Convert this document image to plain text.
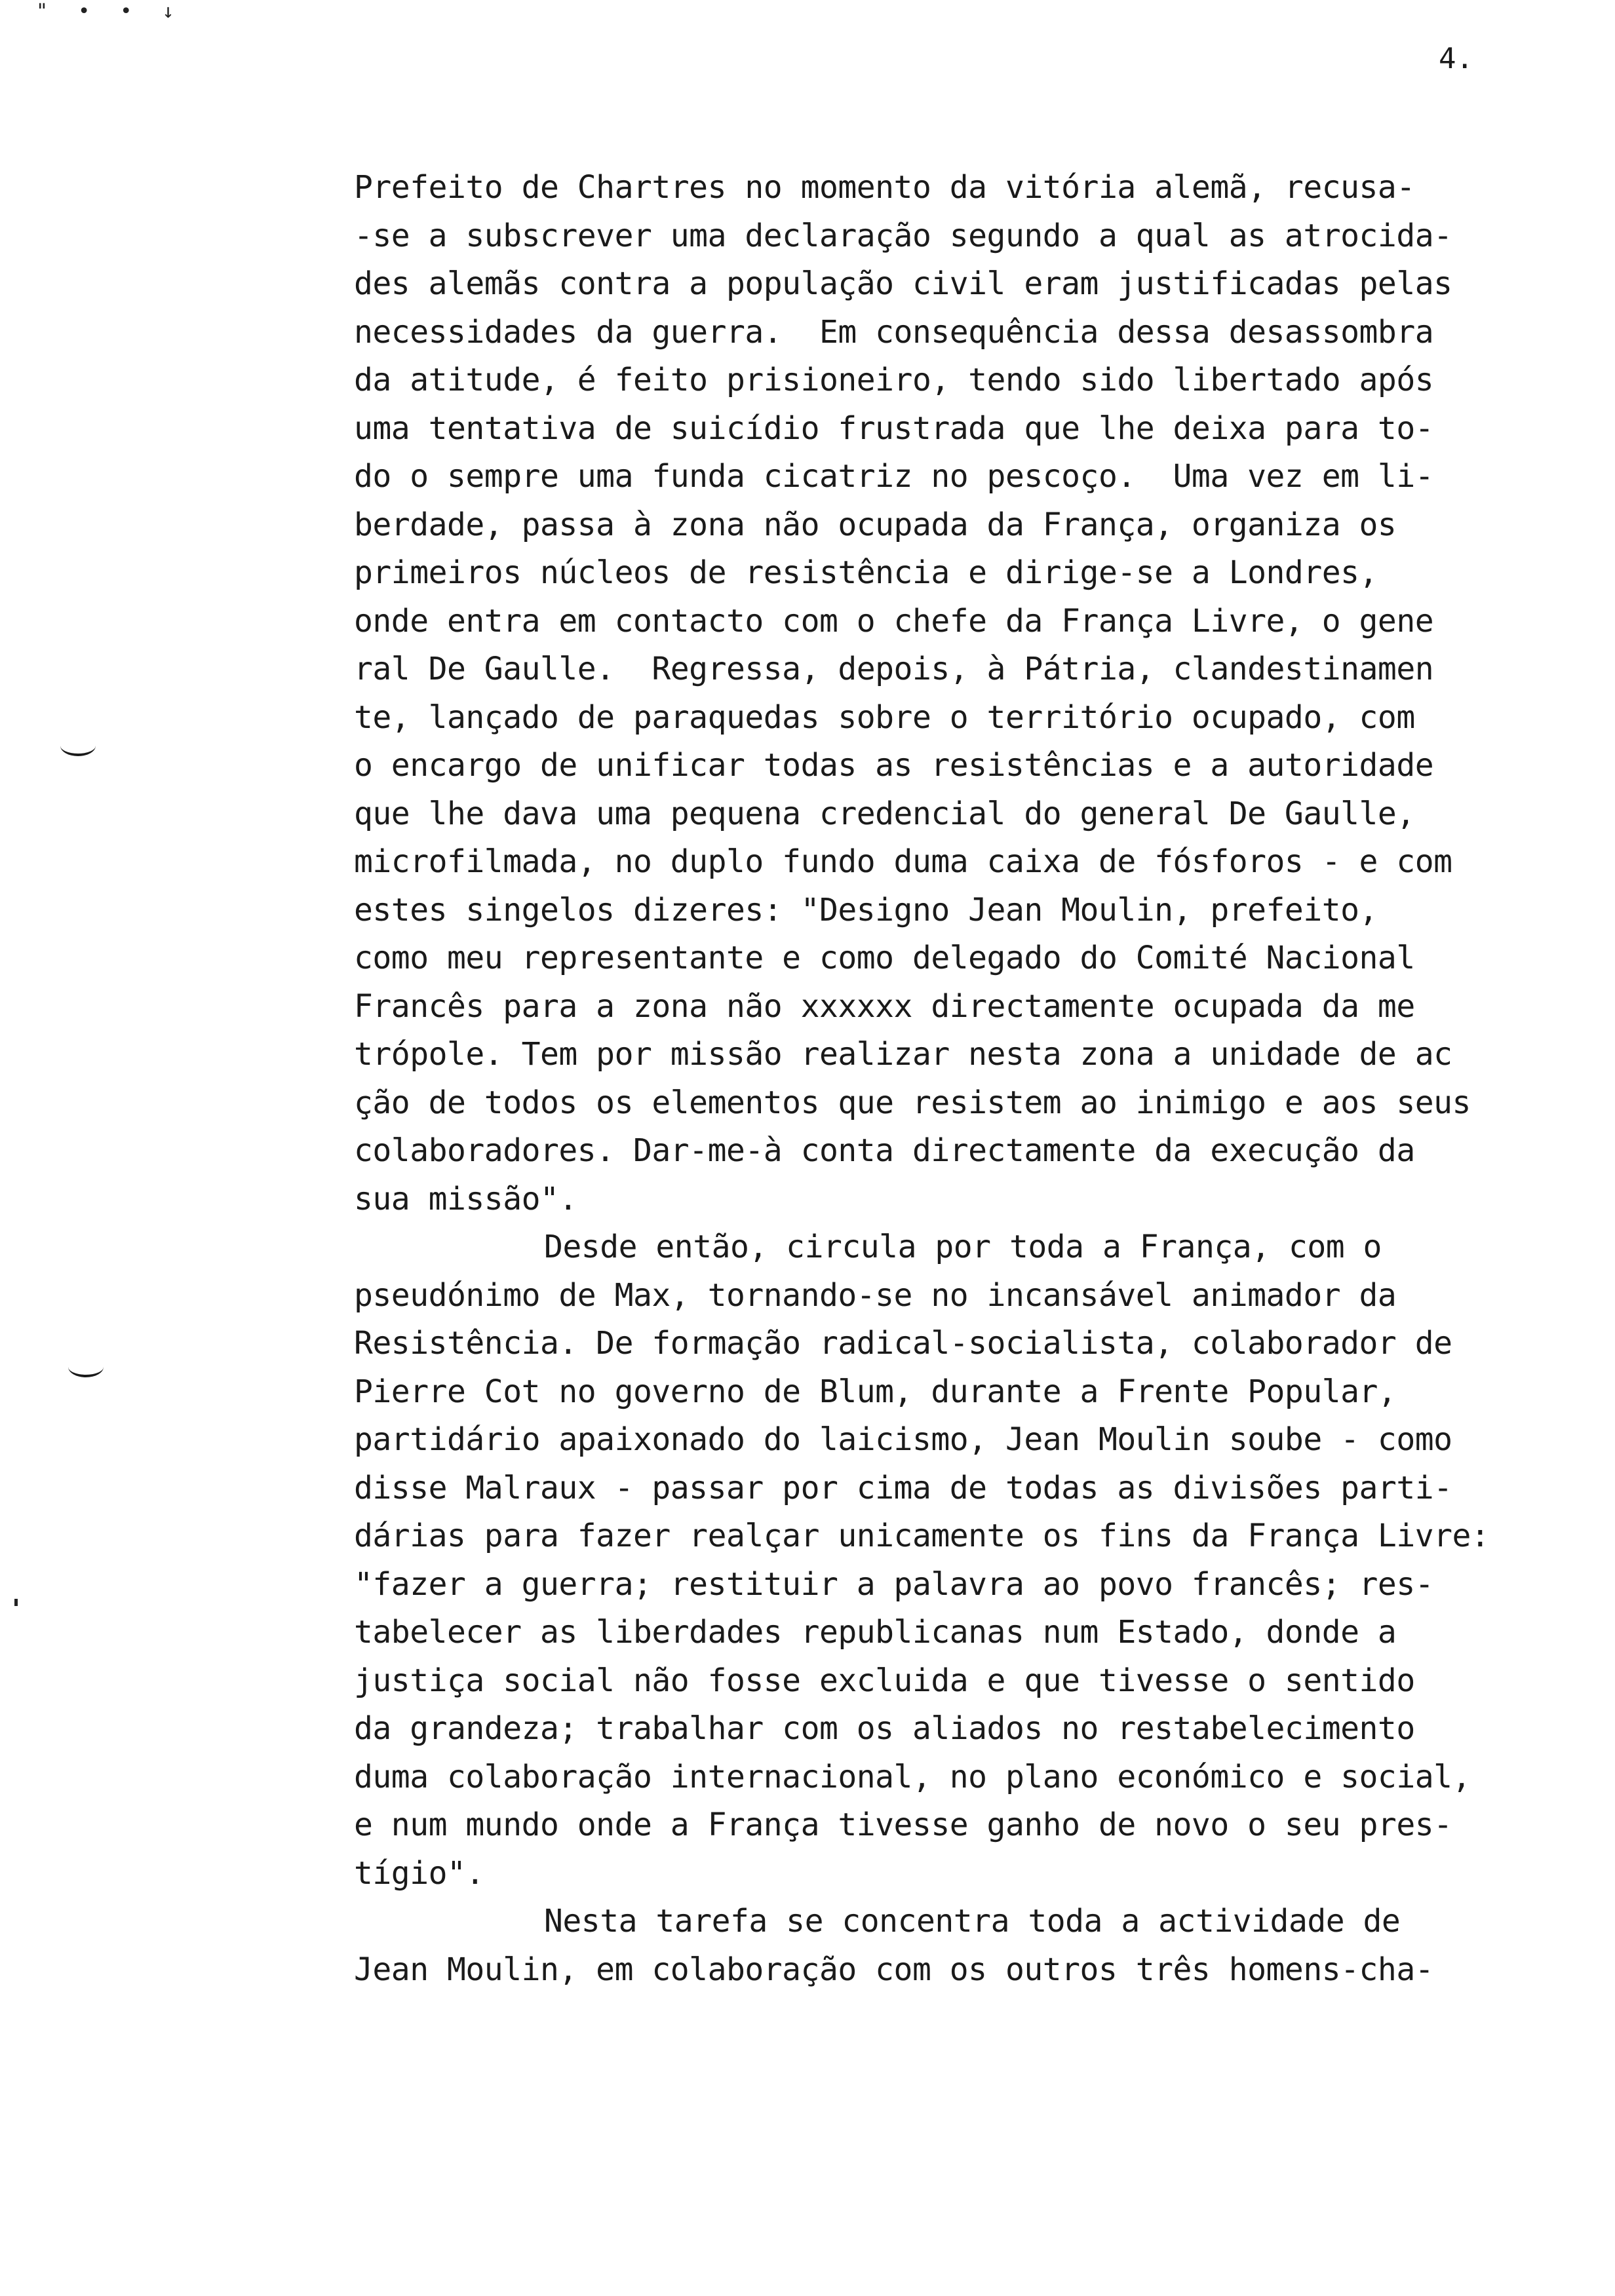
" • • ↓
4.
Prefeito de Chartres no momento da vitória alemã, recusa-
-se a subscrever uma declaração segundo a qual as atrocida-
des alemãs contra a população civil eram justificadas pelas
necessidades da guerra.  Em consequência dessa desassombra
da atitude, é feito prisioneiro, tendo sido libertado após
uma tentativa de suicídio frustrada que lhe deixa para to-
do o sempre uma funda cicatriz no pescoço.  Uma vez em li-
berdade, passa à zona não ocupada da França, organiza os
primeiros núcleos de resistência e dirige-se a Londres,
onde entra em contacto com o chefe da França Livre, o gene
ral De Gaulle.  Regressa, depois, à Pátria, clandestinamen
te, lançado de paraquedas sobre o território ocupado, com
o encargo de unificar todas as resistências e a autoridade
que lhe dava uma pequena credencial do general De Gaulle,
microfilmada, no duplo fundo duma caixa de fósforos - e com
estes singelos dizeres: "Designo Jean Moulin, prefeito,
como meu representante e como delegado do Comité Nacional
Francês para a zona não xxxxxx directamente ocupada da me
trópole. Tem por missão realizar nesta zona a unidade de ac
ção de todos os elementos que resistem ao inimigo e aos seus
colaboradores. Dar-me-à conta directamente da execução da
sua missão".
Desde então, circula por toda a França, com o
pseudónimo de Max, tornando-se no incansável animador da
Resistência. De formação radical-socialista, colaborador de
Pierre Cot no governo de Blum, durante a Frente Popular,
partidário apaixonado do laicismo, Jean Moulin soube - como
disse Malraux - passar por cima de todas as divisões parti-
dárias para fazer realçar unicamente os fins da França Livre:
"fazer a guerra; restituir a palavra ao povo francês; res-
tabelecer as liberdades republicanas num Estado, donde a
justiça social não fosse excluida e que tivesse o sentido
da grandeza; trabalhar com os aliados no restabelecimento
duma colaboração internacional, no plano económico e social,
e num mundo onde a França tivesse ganho de novo o seu pres-
tígio".
Nesta tarefa se concentra toda a actividade de
Jean Moulin, em colaboração com os outros três homens-cha-
